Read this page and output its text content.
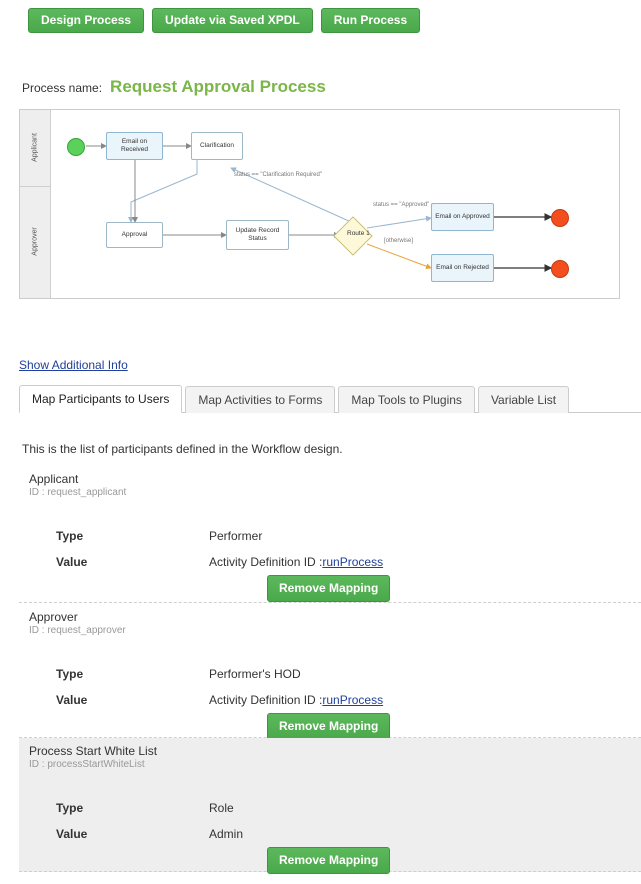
Design Process	Update via Saved XPDL	Run Process
Process name: Request Approval Process
Applicant
Approver
Email on Received
Clarification
Approval
Update Record Status
Route 1
Email on Approved
Email on Rejected
status == "Clarification Required"
status == "Approved"
[otherwise]
Show Additional Info
Map Participants to Users	Map Activities to Forms	Map Tools to Plugins	Variable List
This is the list of participants defined in the Workflow design.
Applicant
ID : request_applicant
Type	Performer
Value	Activity Definition ID :runProcess
Remove Mapping
Approver
ID : request_approver
Type	Performer's HOD
Value	Activity Definition ID :runProcess
Remove Mapping
Process Start White List
ID : processStartWhiteList
Type	Role
Value	Admin
Remove Mapping
